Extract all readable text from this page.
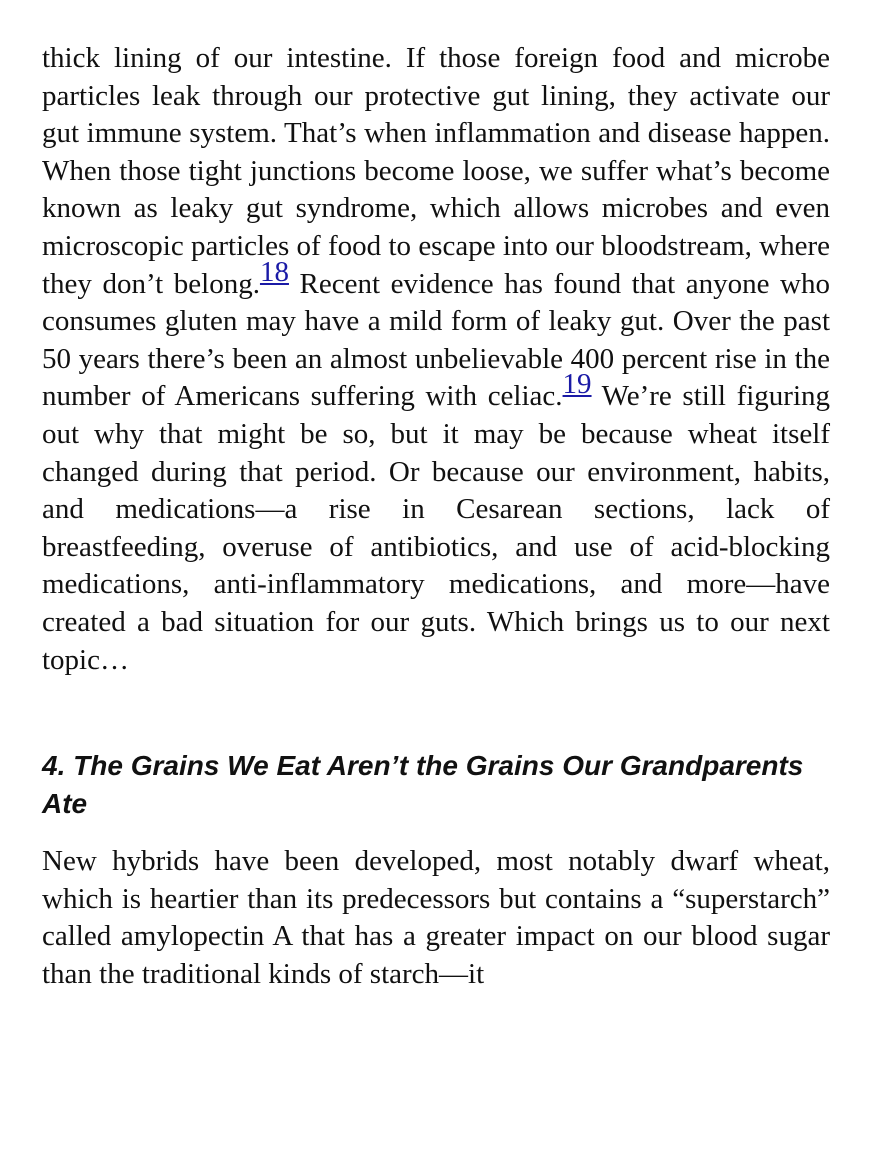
thick lining of our intestine. If those foreign food and microbe particles leak through our protective gut lining, they activate our gut immune system. That’s when inflammation and disease happen. When those tight junctions become loose, we suffer what’s become known as leaky gut syndrome, which allows microbes and even microscopic particles of food to escape into our bloodstream, where they don’t belong.18 Recent evidence has found that anyone who consumes gluten may have a mild form of leaky gut. Over the past 50 years there’s been an almost unbelievable 400 percent rise in the number of Americans suffering with celiac.19 We’re still figuring out why that might be so, but it may be because wheat itself changed during that period. Or because our environment, habits, and medications—a rise in Cesarean sections, lack of breastfeeding, overuse of antibiotics, and use of acid-blocking medications, anti-inflammatory medications, and more—have created a bad situation for our guts. Which brings us to our next topic…

4. The Grains We Eat Aren’t the Grains Our Grandparents Ate

New hybrids have been developed, most notably dwarf wheat, which is heartier than its predecessors but contains a “superstarch” called amylopectin A that has a greater impact on our blood sugar than the traditional kinds of starch—it
